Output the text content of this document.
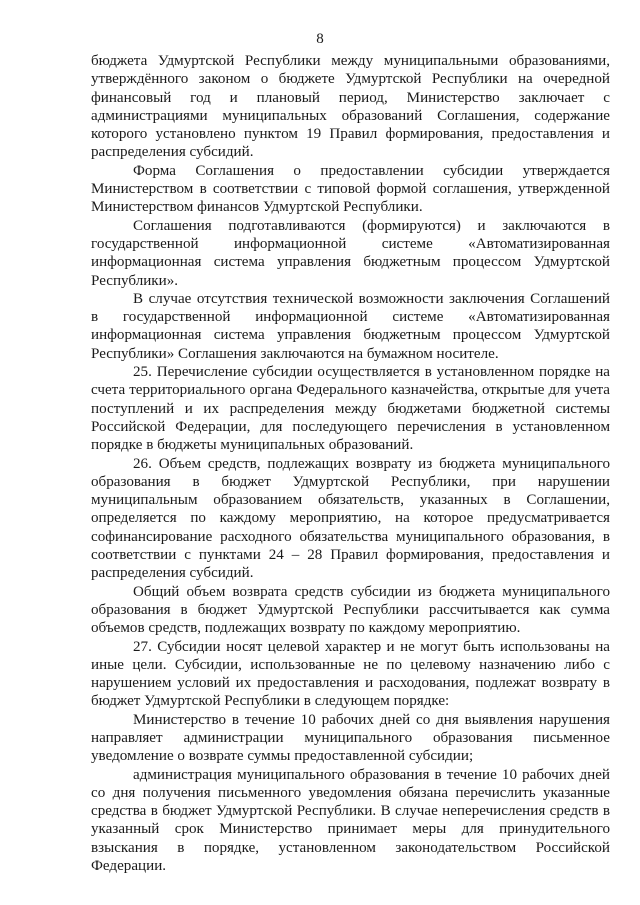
8

бюджета Удмуртской Республики между муниципальными образованиями, утверждённого законом о бюджете Удмуртской Республики на очередной финансовый год и плановый период, Министерство заключает с администрациями муниципальных образований Соглашения, содержание которого установлено пунктом 19 Правил формирования, предоставления и распределения субсидий.

Форма Соглашения о предоставлении субсидии утверждается Министерством в соответствии с типовой формой соглашения, утвержденной Министерством финансов Удмуртской Республики.

Соглашения подготавливаются (формируются) и заключаются в государственной информационной системе «Автоматизированная информационная система управления бюджетным процессом Удмуртской Республики».

В случае отсутствия технической возможности заключения Соглашений в государственной информационной системе «Автоматизированная информационная система управления бюджетным процессом Удмуртской Республики» Соглашения заключаются на бумажном носителе.

25. Перечисление субсидии осуществляется в установленном порядке на счета территориального органа Федерального казначейства, открытые для учета поступлений и их распределения между бюджетами бюджетной системы Российской Федерации, для последующего перечисления в установленном порядке в бюджеты муниципальных образований.

26. Объем средств, подлежащих возврату из бюджета муниципального образования в бюджет Удмуртской Республики, при нарушении муниципальным образованием обязательств, указанных в Соглашении, определяется по каждому мероприятию, на которое предусматривается софинансирование расходного обязательства муниципального образования, в соответствии с пунктами 24 – 28 Правил формирования, предоставления и распределения субсидий.

Общий объем возврата средств субсидии из бюджета муниципального образования в бюджет Удмуртской Республики рассчитывается как сумма объемов средств, подлежащих возврату по каждому мероприятию.

27. Субсидии носят целевой характер и не могут быть использованы на иные цели. Субсидии, использованные не по целевому назначению либо с нарушением условий их предоставления и расходования, подлежат возврату в бюджет Удмуртской Республики в следующем порядке:

Министерство в течение 10 рабочих дней со дня выявления нарушения направляет администрации муниципального образования письменное уведомление о возврате суммы предоставленной субсидии;

администрация муниципального образования в течение 10 рабочих дней со дня получения письменного уведомления обязана перечислить указанные средства в бюджет Удмуртской Республики. В случае неперечисления средств в указанный срок Министерство принимает меры для принудительного взыскания в порядке, установленном законодательством Российской Федерации.
